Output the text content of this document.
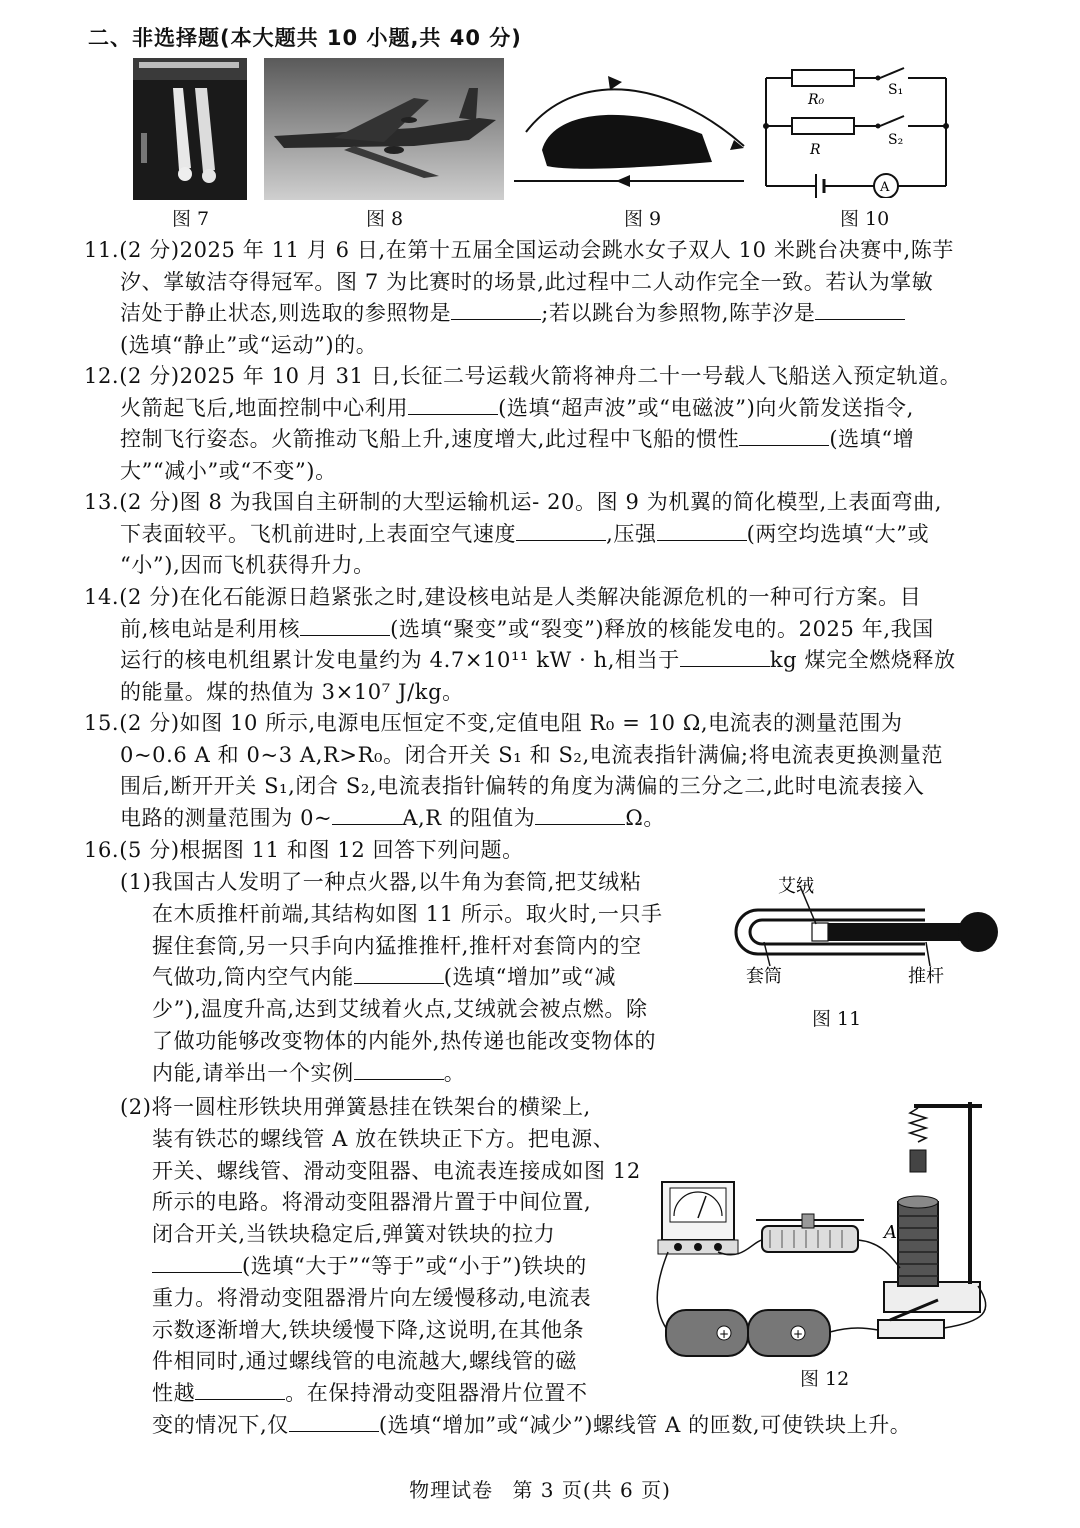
二、非选择题(本大题共 10 小题,共 40 分)
图 7	图 8	图 9
R₀
S₁
R
S₂
A
图 10
11.(2 分)2025 年 11 月 6 日,在第十五届全国运动会跳水女子双人 10 米跳台决赛中,陈芋
汐、掌敏洁夺得冠军。图 7 为比赛时的场景,此过程中二人动作完全一致。若认为掌敏
洁处于静止状态,则选取的参照物是	;若以跳台为参照物,陈芋汐是
(选填“静止”或“运动”)的。
12.(2 分)2025 年 10 月 31 日,长征二号运载火箭将神舟二十一号载人飞船送入预定轨道。
火箭起飞后,地面控制中心利用	(选填“超声波”或“电磁波”)向火箭发送指令,
控制飞行姿态。火箭推动飞船上升,速度增大,此过程中飞船的惯性	(选填“增
大”“减小”或“不变”)。
13.(2 分)图 8 为我国自主研制的大型运输机运- 20。图 9 为机翼的简化模型,上表面弯曲,
下表面较平。飞机前进时,上表面空气速度	,压强	(两空均选填“大”或
“小”),因而飞机获得升力。
14.(2 分)在化石能源日趋紧张之时,建设核电站是人类解决能源危机的一种可行方案。目
前,核电站是利用核	(选填“聚变”或“裂变”)释放的核能发电的。2025 年,我国
运行的核电机组累计发电量约为 4.7×10¹¹ kW · h,相当于	kg 煤完全燃烧释放
的能量。煤的热值为 3×10⁷ J/kg。
15.(2 分)如图 10 所示,电源电压恒定不变,定值电阻 R₀ = 10 Ω,电流表的测量范围为
0~0.6 A 和 0~3 A,R>R₀。闭合开关 S₁ 和 S₂,电流表指针满偏;将电流表更换测量范
围后,断开开关 S₁,闭合 S₂,电流表指针偏转的角度为满偏的三分之二,此时电流表接入
电路的测量范围为 0~	A,R 的阻值为	Ω。
16.(5 分)根据图 11 和图 12 回答下列问题。
(1)我国古人发明了一种点火器,以牛角为套筒,把艾绒粘
在木质推杆前端,其结构如图 11 所示。取火时,一只手
握住套筒,另一只手向内猛推推杆,推杆对套筒内的空
气做功,筒内空气内能	(选填“增加”或“减
少”),温度升高,达到艾绒着火点,艾绒就会被点燃。除
了做功能够改变物体的内能外,热传递也能改变物体的
内能,请举出一个实例	。
艾绒
套筒	推杆
图 11
(2)将一圆柱形铁块用弹簧悬挂在铁架台的横梁上,
装有铁芯的螺线管 A 放在铁块正下方。把电源、
开关、螺线管、滑动变阻器、电流表连接成如图 12
所示的电路。将滑动变阻器滑片置于中间位置,
闭合开关,当铁块稳定后,弹簧对铁块的拉力
(选填“大于”“等于”或“小于”)铁块的
重力。将滑动变阻器滑片向左缓慢移动,电流表
示数逐渐增大,铁块缓慢下降,这说明,在其他条
件相同时,通过螺线管的电流越大,螺线管的磁
性越	。在保持滑动变阻器滑片位置不
变的情况下,仅	(选填“增加”或“减少”)螺线管 A 的匝数,可使铁块上升。
A
+	+
图 12
物理试卷 第 3 页(共 6 页)
